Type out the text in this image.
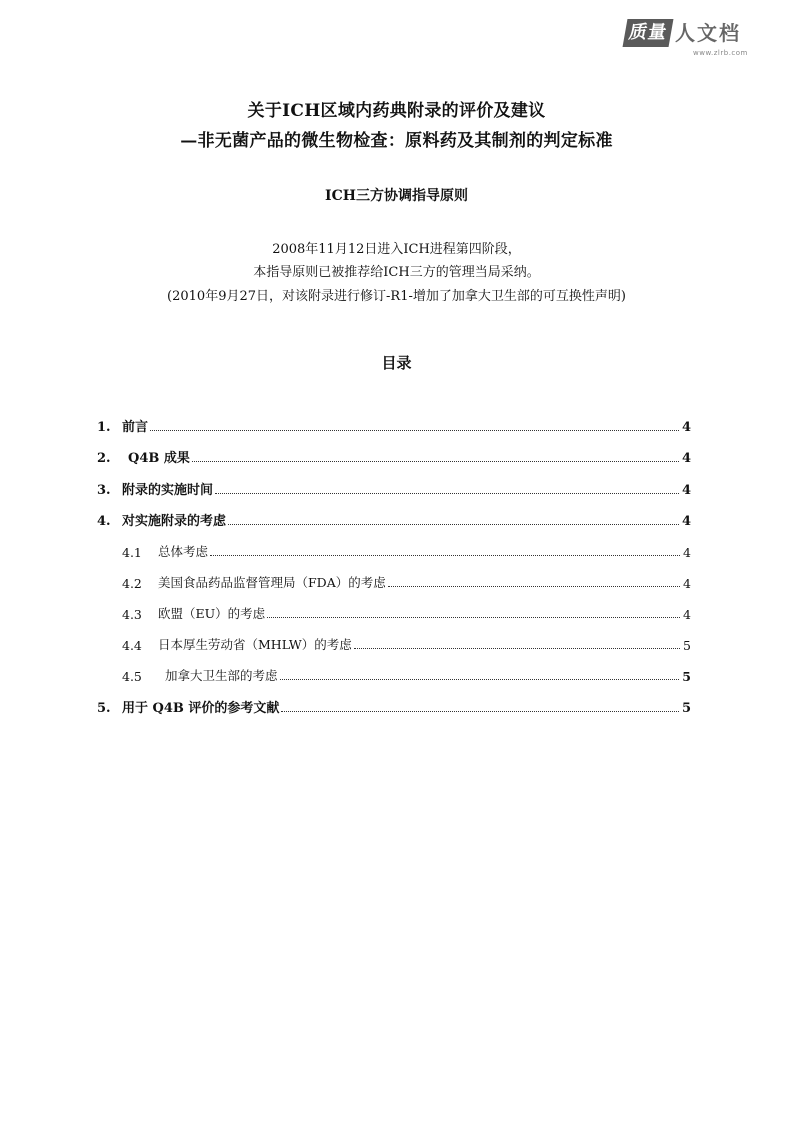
质量 人文档
www.zlrb.com
关于ICH区域内药典附录的评价及建议
—非无菌产品的微生物检查：原料药及其制剂的判定标准
ICH三方协调指导原则
2008年11月12日进入ICH进程第四阶段，
本指导原则已被推荐给ICH三方的管理当局采纳。
(2010年9月27日，对该附录进行修订-R1-增加了加拿大卫生部的可互换性声明)
目录
1. 前言	4
2.	Q4B 成果	4
3. 附录的实施时间	4
4. 对实施附录的考虑	4
4.1	总体考虑	4
4.2	美国食品药品监督管理局（FDA）的考虑	4
4.3	欧盟（EU）的考虑	4
4.4	日本厚生劳动省（MHLW）的考虑	5
4.5	加拿大卫生部的考虑	5
5. 用于 Q4B 评价的参考文献	5
